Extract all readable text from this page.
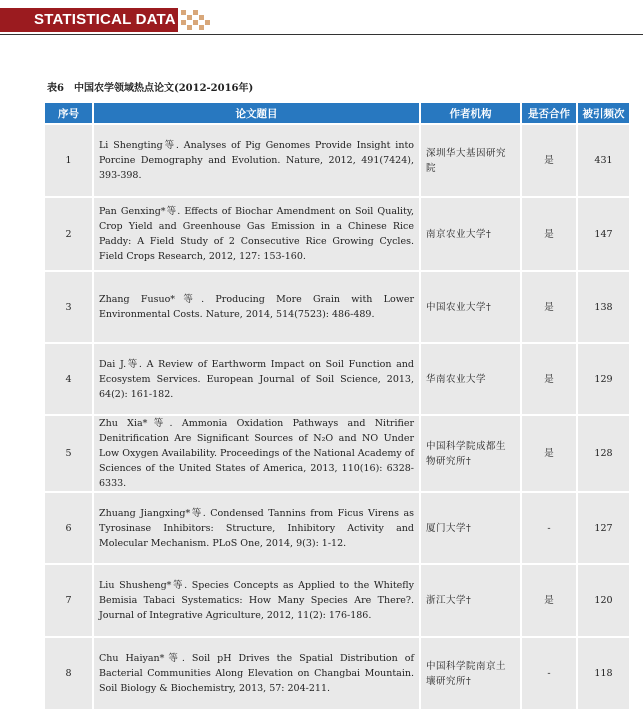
STATISTICAL DATA
表6　中国农学领域热点论文(2012-2016年)
序号	论文题目	作者机构	是否合作	被引频次
1	Li Shengting等. Analyses of Pig Genomes Provide Insight into Porcine Demography and Evolution. Nature, 2012, 491(7424), 393-398.	深圳华大基因研究院	是	431
2	Pan Genxing*等. Effects of Biochar Amendment on Soil Quality, Crop Yield and Greenhouse Gas Emission in a Chinese Rice Paddy: A Field Study of 2 Consecutive Rice Growing Cycles. Field Crops Research, 2012, 127: 153-160.	南京农业大学†	是	147
3	Zhang Fusuo*等. Producing More Grain with Lower Environmental Costs. Nature, 2014, 514(7523): 486-489.	中国农业大学†	是	138
4	Dai J.等. A Review of Earthworm Impact on Soil Function and Ecosystem Services. European Journal of Soil Science, 2013, 64(2): 161-182.	华南农业大学	是	129
5	Zhu Xia*等. Ammonia Oxidation Pathways and Nitrifier Denitrification Are Significant Sources of N₂O and NO Under Low Oxygen Availability. Proceedings of the National Academy of Sciences of the United States of America, 2013, 110(16): 6328-6333.	中国科学院成都生物研究所†	是	128
6	Zhuang Jiangxing*等. Condensed Tannins from Ficus Virens as Tyrosinase Inhibitors: Structure, Inhibitory Activity and Molecular Mechanism. PLoS One, 2014, 9(3): 1-12.	厦门大学†	-	127
7	Liu Shusheng*等. Species Concepts as Applied to the Whitefly Bemisia Tabaci Systematics: How Many Species Are There?. Journal of Integrative Agriculture, 2012, 11(2): 176-186.	浙江大学†	是	120
8	Chu Haiyan*等. Soil pH Drives the Spatial Distribution of Bacterial Communities Along Elevation on Changbai Mountain. Soil Biology & Biochemistry, 2013, 57: 204-211.	中国科学院南京土壤研究所†	-	118
